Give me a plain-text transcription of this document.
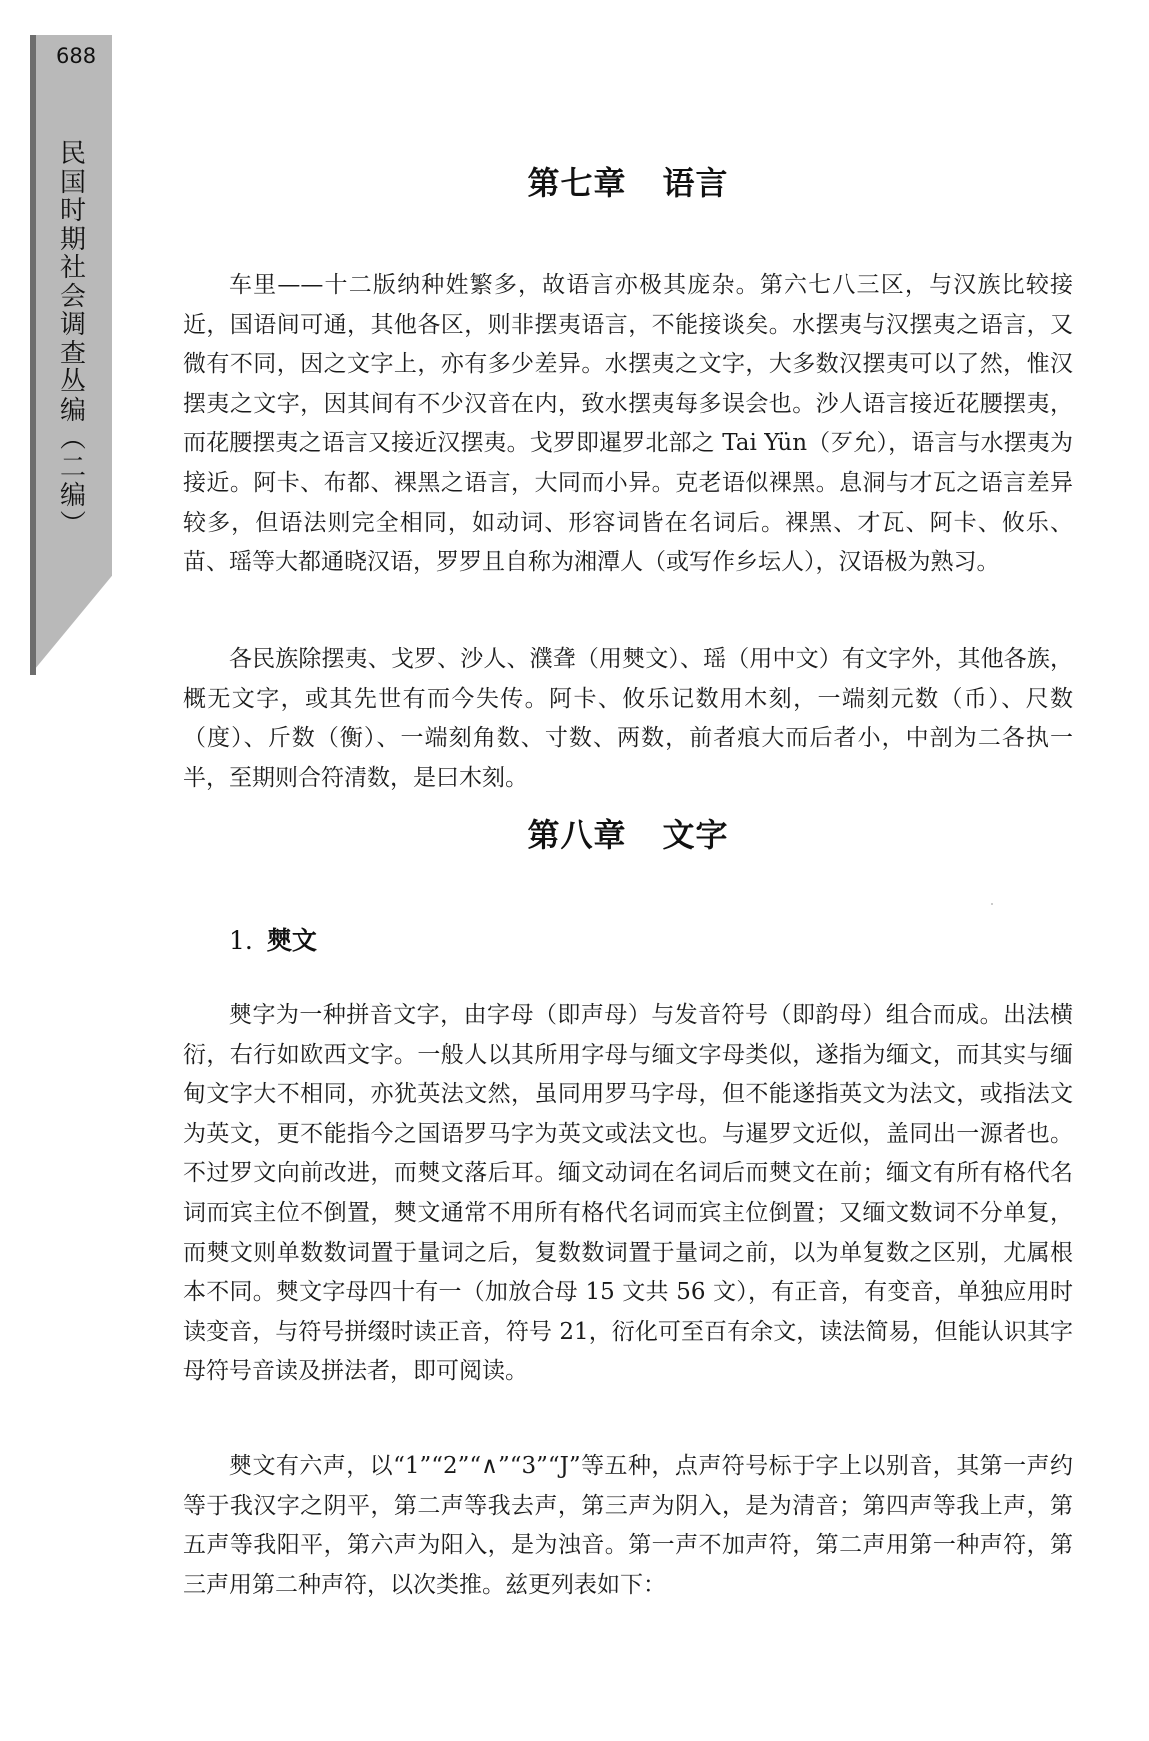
688
民
国
时
期
社
会
调
查
丛
编
︵
二
编
︶
第七章 语言

车里——十二版纳种姓繁多，故语言亦极其庞杂。第六七八三区，与汉族比较接近，国语间可通，其他各区，则非摆夷语言，不能接谈矣。水摆夷与汉摆夷之语言，又微有不同，因之文字上，亦有多少差异。水摆夷之文字，大多数汉摆夷可以了然，惟汉摆夷之文字，因其间有不少汉音在内，致水摆夷每多误会也。沙人语言接近花腰摆夷，而花腰摆夷之语言又接近汉摆夷。戈罗即暹罗北部之 Tai Yün（歹允），语言与水摆夷为接近。阿卡、布都、裸黑之语言，大同而小异。克老语似裸黑。息洞与才瓦之语言差异较多，但语法则完全相同，如动词、形容词皆在名词后。裸黑、才瓦、阿卡、攸乐、苗、瑶等大都通晓汉语，罗罗且自称为湘潭人（或写作乡坛人），汉语极为熟习。

各民族除摆夷、戈罗、沙人、濮聋（用僰文）、瑶（用中文）有文字外，其他各族，概无文字，或其先世有而今失传。阿卡、攸乐记数用木刻，一端刻元数（币）、尺数（度）、斤数（衡）、一端刻角数、寸数、两数，前者痕大而后者小，中剖为二各执一半，至期则合符清数，是曰木刻。

第八章 文字
1. 僰文

僰字为一种拼音文字，由字母（即声母）与发音符号（即韵母）组合而成。出法横衍，右行如欧西文字。一般人以其所用字母与缅文字母类似，遂指为缅文，而其实与缅甸文字大不相同，亦犹英法文然，虽同用罗马字母，但不能遂指英文为法文，或指法文为英文，更不能指今之国语罗马字为英文或法文也。与暹罗文近似，盖同出一源者也。不过罗文向前改进，而僰文落后耳。缅文动词在名词后而僰文在前；缅文有所有格代名词而宾主位不倒置，僰文通常不用所有格代名词而宾主位倒置；又缅文数词不分单复，而僰文则单数数词置于量词之后，复数数词置于量词之前，以为单复数之区别，尤属根本不同。僰文字母四十有一（加放合母 15 文共 56 文），有正音，有变音，单独应用时读变音，与符号拼缀时读正音，符号 21，衍化可至百有余文，读法简易，但能认识其字母符号音读及拼法者，即可阅读。

僰文有六声，以“1”“2”“∧”“3”“J”等五种，点声符号标于字上以别音，其第一声约等于我汉字之阴平，第二声等我去声，第三声为阴入，是为清音；第四声等我上声，第五声等我阳平，第六声为阳入，是为浊音。第一声不加声符，第二声用第一种声符，第三声用第二种声符，以次类推。兹更列表如下：
